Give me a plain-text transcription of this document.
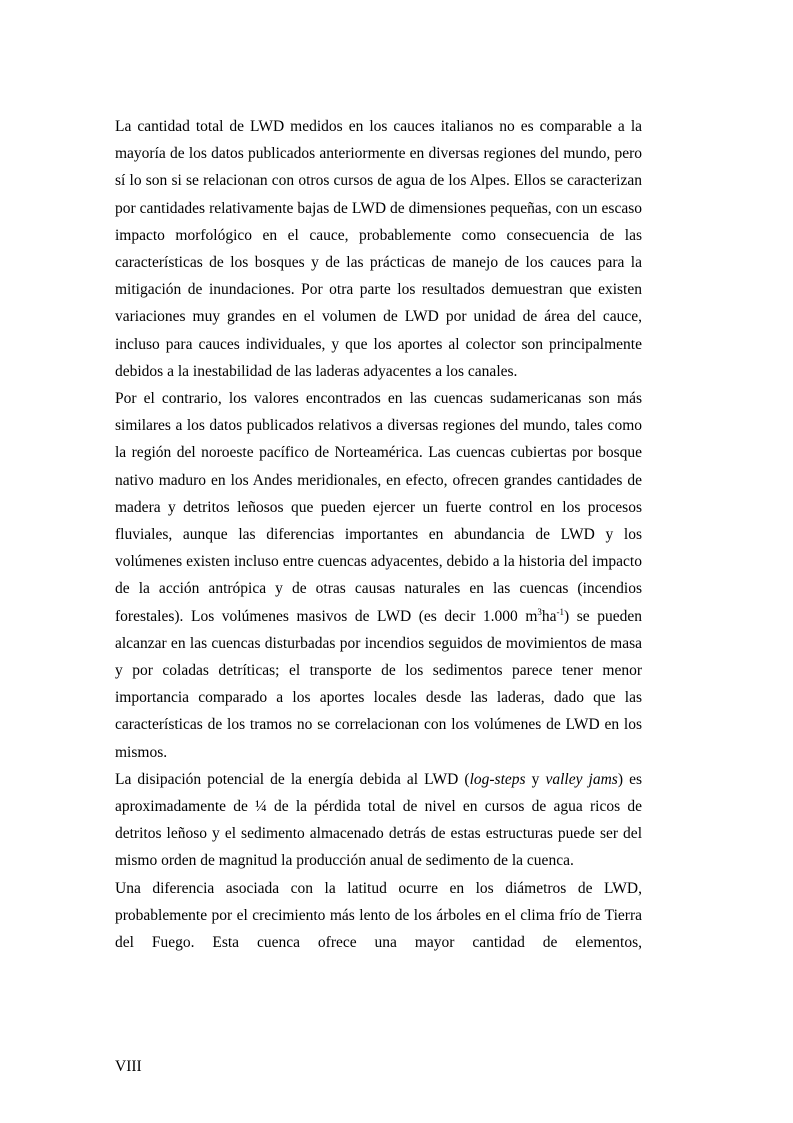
La cantidad total de LWD medidos en los cauces italianos no es comparable a la mayoría de los datos publicados anteriormente en diversas regiones del mundo, pero sí lo son si se relacionan con otros cursos de agua de los Alpes. Ellos se caracterizan por cantidades relativamente bajas de LWD de dimensiones pequeñas, con un escaso impacto morfológico en el cauce, probablemente como consecuencia de las características de los bosques y de las prácticas de manejo de los cauces para la mitigación de inundaciones. Por otra parte los resultados demuestran que existen variaciones muy grandes en el volumen de LWD por unidad de área del cauce, incluso para cauces individuales, y que los aportes al colector son principalmente debidos a la inestabilidad de las laderas adyacentes a los canales.

Por el contrario, los valores encontrados en las cuencas sudamericanas son más similares a los datos publicados relativos a diversas regiones del mundo, tales como la región del noroeste pacífico de Norteamérica. Las cuencas cubiertas por bosque nativo maduro en los Andes meridionales, en efecto, ofrecen grandes cantidades de madera y detritos leñosos que pueden ejercer un fuerte control en los procesos fluviales, aunque las diferencias importantes en abundancia de LWD y los volúmenes existen incluso entre cuencas adyacentes, debido a la historia del impacto de la acción antrópica y de otras causas naturales en las cuencas (incendios forestales). Los volúmenes masivos de LWD (es decir 1.000 $m^3ha^{-1}$) se pueden alcanzar en las cuencas disturbadas por incendios seguidos de movimientos de masa y por coladas detríticas; el transporte de los sedimentos parece tener menor importancia comparado a los aportes locales desde las laderas, dado que las características de los tramos no se correlacionan con los volúmenes de LWD en los mismos.

La disipación potencial de la energía debida al LWD (log-steps y valley jams) es aproximadamente de ¼ de la pérdida total de nivel en cursos de agua ricos de detritos leñoso y el sedimento almacenado detrás de estas estructuras puede ser del mismo orden de magnitud la producción anual de sedimento de la cuenca.

Una diferencia asociada con la latitud ocurre en los diámetros de LWD, probablemente por el crecimiento más lento de los árboles en el clima frío de Tierra del Fuego. Esta cuenca ofrece una mayor cantidad de elementos,

VIII
